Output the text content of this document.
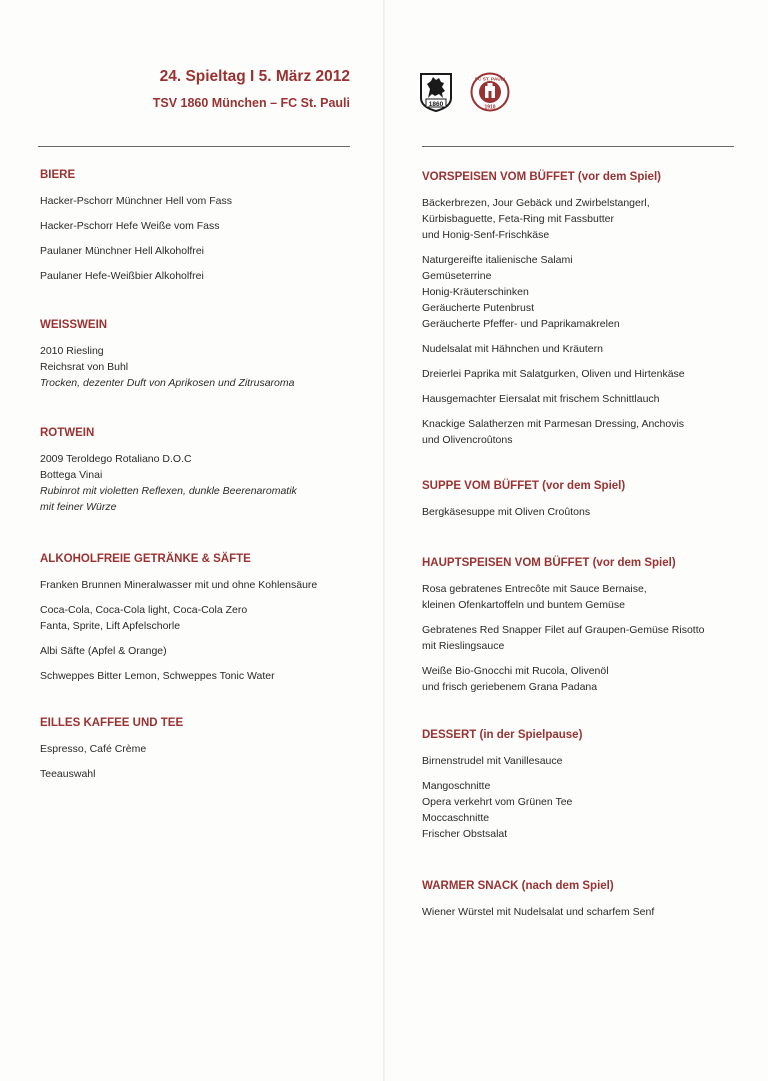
24. Spieltag I 5. März 2012
TSV 1860 München – FC St. Pauli	1860
FC ST. PAULI
1910
BIERE
Hacker-Pschorr Münchner Hell vom Fass
Hacker-Pschorr Hefe Weiße vom Fass
Paulaner Münchner Hell Alkoholfrei
Paulaner Hefe-Weißbier Alkoholfrei
WEISSWEIN
2010 Riesling
Reichsrat von Buhl
Trocken, dezenter Duft von Aprikosen und Zitrusaroma
ROTWEIN
2009 Teroldego Rotaliano D.O.C
Bottega Vinai
Rubinrot mit violetten Reflexen, dunkle Beerenaromatik
mit feiner Würze
ALKOHOLFREIE GETRÄNKE & SÄFTE
Franken Brunnen Mineralwasser mit und ohne Kohlensäure
Coca-Cola, Coca-Cola light, Coca-Cola Zero
Fanta, Sprite, Lift Apfelschorle
Albi Säfte (Apfel & Orange)
Schweppes Bitter Lemon, Schweppes Tonic Water
EILLES KAFFEE UND TEE
Espresso, Café Crème
Teeauswahl
VORSPEISEN VOM BÜFFET (vor dem Spiel)
Bäckerbrezen, Jour Gebäck und Zwirbelstangerl,
Kürbisbaguette, Feta-Ring mit Fassbutter
und Honig-Senf-Frischkäse
Naturgereifte italienische Salami
Gemüseterrine
Honig-Kräuterschinken
Geräucherte Putenbrust
Geräucherte Pfeffer- und Paprikamakrelen
Nudelsalat mit Hähnchen und Kräutern
Dreierlei Paprika mit Salatgurken, Oliven und Hirtenkäse
Hausgemachter Eiersalat mit frischem Schnittlauch
Knackige Salatherzen mit Parmesan Dressing, Anchovis
und Olivencroûtons
SUPPE VOM BÜFFET (vor dem Spiel)
Bergkäsesuppe mit Oliven Croûtons
HAUPTSPEISEN VOM BÜFFET (vor dem Spiel)
Rosa gebratenes Entrecôte mit Sauce Bernaise,
kleinen Ofenkartoffeln und buntem Gemüse
Gebratenes Red Snapper Filet auf Graupen-Gemüse Risotto
mit Rieslingsauce
Weiße Bio-Gnocchi mit Rucola, Olivenöl
und frisch geriebenem Grana Padana
DESSERT (in der Spielpause)
Birnenstrudel mit Vanillesauce
Mangoschnitte
Opera verkehrt vom Grünen Tee
Moccaschnitte
Frischer Obstsalat
WARMER SNACK (nach dem Spiel)
Wiener Würstel mit Nudelsalat und scharfem Senf
